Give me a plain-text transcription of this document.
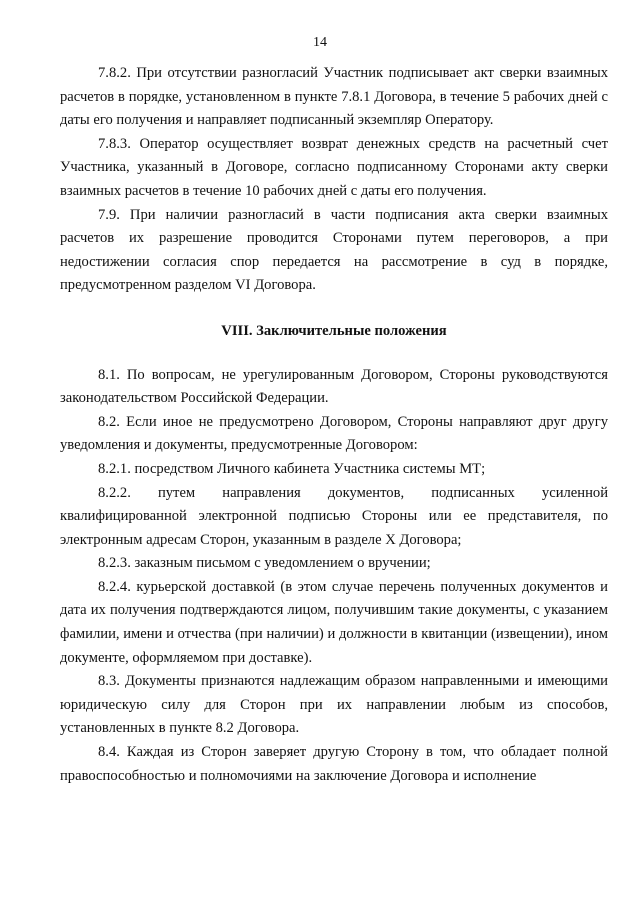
14

7.8.2. При отсутствии разногласий Участник подписывает акт сверки взаимных расчетов в порядке, установленном в пункте 7.8.1 Договора, в течение 5 рабочих дней с даты его получения и направляет подписанный экземпляр Оператору.

7.8.3. Оператор осуществляет возврат денежных средств на расчетный счет Участника, указанный в Договоре, согласно подписанному Сторонами акту сверки взаимных расчетов в течение 10 рабочих дней с даты его получения.

7.9. При наличии разногласий в части подписания акта сверки взаимных расчетов их разрешение проводится Сторонами путем переговоров, а при недостижении согласия спор передается на рассмотрение в суд в порядке, предусмотренном разделом VI Договора.

VIII. Заключительные положения

8.1. По вопросам, не урегулированным Договором, Стороны руководствуются законодательством Российской Федерации.

8.2. Если иное не предусмотрено Договором, Стороны направляют друг другу уведомления и документы, предусмотренные Договором:

8.2.1. посредством Личного кабинета Участника системы МТ;

8.2.2. путем направления документов, подписанных усиленной квалифицированной электронной подписью Стороны или ее представителя, по электронным адресам Сторон, указанным в разделе X Договора;

8.2.3. заказным письмом с уведомлением о вручении;

8.2.4. курьерской доставкой (в этом случае перечень полученных документов и дата их получения подтверждаются лицом, получившим такие документы, с указанием фамилии, имени и отчества (при наличии) и должности в квитанции (извещении), ином документе, оформляемом при доставке).

8.3. Документы признаются надлежащим образом направленными и имеющими юридическую силу для Сторон при их направлении любым из способов, установленных в пункте 8.2 Договора.

8.4. Каждая из Сторон заверяет другую Сторону в том, что обладает полной правоспособностью и полномочиями на заключение Договора и исполнение
